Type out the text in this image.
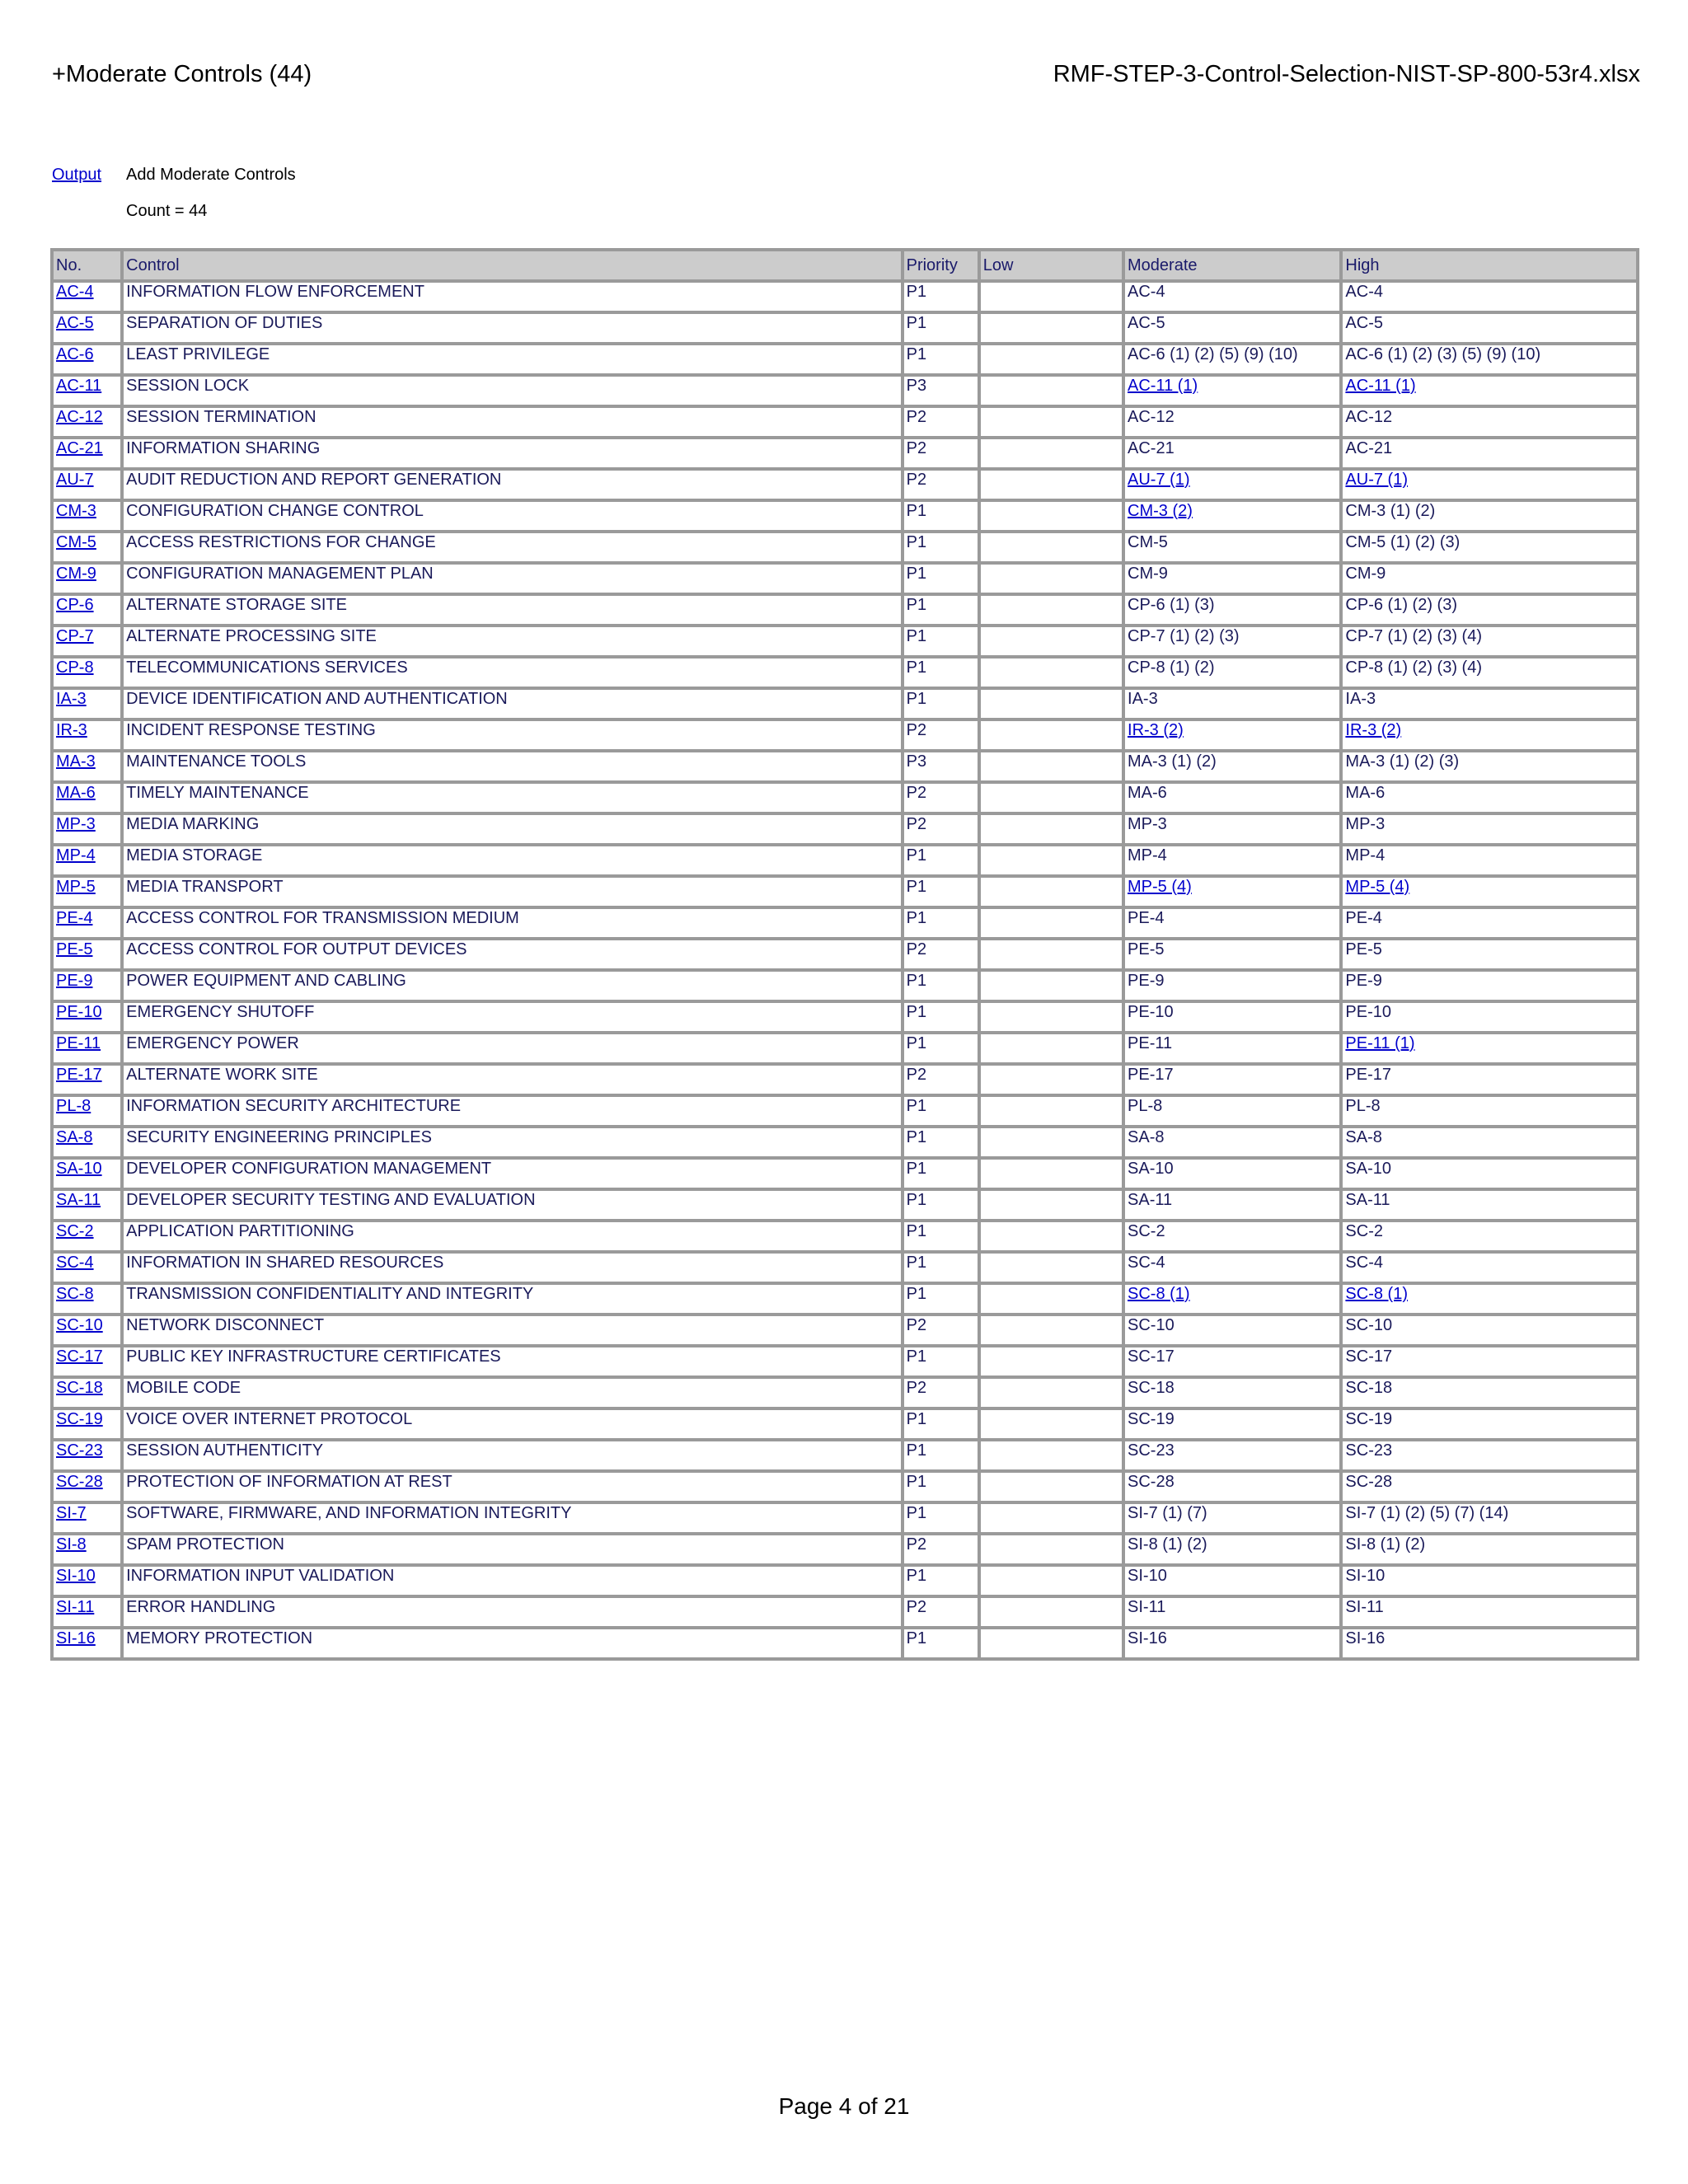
+Moderate Controls (44)	RMF-STEP-3-Control-Selection-NIST-SP-800-53r4.xlsx
Output	Add Moderate Controls
Count = 44
No.	Control	Priority	Low	Moderate	High
AC-4	INFORMATION FLOW ENFORCEMENT	P1		AC-4	AC-4
AC-5	SEPARATION OF DUTIES	P1		AC-5	AC-5
AC-6	LEAST PRIVILEGE	P1		AC-6 (1) (2) (5) (9) (10)	AC-6 (1) (2) (3) (5) (9) (10)
AC-11	SESSION LOCK	P3		AC-11 (1)	AC-11 (1)
AC-12	SESSION TERMINATION	P2		AC-12	AC-12
AC-21	INFORMATION SHARING	P2		AC-21	AC-21
AU-7	AUDIT REDUCTION AND REPORT GENERATION	P2		AU-7 (1)	AU-7 (1)
CM-3	CONFIGURATION CHANGE CONTROL	P1		CM-3 (2)	CM-3 (1) (2)
CM-5	ACCESS RESTRICTIONS FOR CHANGE	P1		CM-5	CM-5 (1) (2) (3)
CM-9	CONFIGURATION MANAGEMENT PLAN	P1		CM-9	CM-9
CP-6	ALTERNATE STORAGE SITE	P1		CP-6 (1) (3)	CP-6 (1) (2) (3)
CP-7	ALTERNATE PROCESSING SITE	P1		CP-7 (1) (2) (3)	CP-7 (1) (2) (3) (4)
CP-8	TELECOMMUNICATIONS SERVICES	P1		CP-8 (1) (2)	CP-8 (1) (2) (3) (4)
IA-3	DEVICE IDENTIFICATION AND AUTHENTICATION	P1		IA-3	IA-3
IR-3	INCIDENT RESPONSE TESTING	P2		IR-3 (2)	IR-3 (2)
MA-3	MAINTENANCE TOOLS	P3		MA-3 (1) (2)	MA-3 (1) (2) (3)
MA-6	TIMELY MAINTENANCE	P2		MA-6	MA-6
MP-3	MEDIA MARKING	P2		MP-3	MP-3
MP-4	MEDIA STORAGE	P1		MP-4	MP-4
MP-5	MEDIA TRANSPORT	P1		MP-5 (4)	MP-5 (4)
PE-4	ACCESS CONTROL FOR TRANSMISSION MEDIUM	P1		PE-4	PE-4
PE-5	ACCESS CONTROL FOR OUTPUT DEVICES	P2		PE-5	PE-5
PE-9	POWER EQUIPMENT AND CABLING	P1		PE-9	PE-9
PE-10	EMERGENCY SHUTOFF	P1		PE-10	PE-10
PE-11	EMERGENCY POWER	P1		PE-11	PE-11 (1)
PE-17	ALTERNATE WORK SITE	P2		PE-17	PE-17
PL-8	INFORMATION SECURITY ARCHITECTURE	P1		PL-8	PL-8
SA-8	SECURITY ENGINEERING PRINCIPLES	P1		SA-8	SA-8
SA-10	DEVELOPER CONFIGURATION MANAGEMENT	P1		SA-10	SA-10
SA-11	DEVELOPER SECURITY TESTING AND EVALUATION	P1		SA-11	SA-11
SC-2	APPLICATION PARTITIONING	P1		SC-2	SC-2
SC-4	INFORMATION IN SHARED RESOURCES	P1		SC-4	SC-4
SC-8	TRANSMISSION CONFIDENTIALITY AND INTEGRITY	P1		SC-8 (1)	SC-8 (1)
SC-10	NETWORK DISCONNECT	P2		SC-10	SC-10
SC-17	PUBLIC KEY INFRASTRUCTURE CERTIFICATES	P1		SC-17	SC-17
SC-18	MOBILE CODE	P2		SC-18	SC-18
SC-19	VOICE OVER INTERNET PROTOCOL	P1		SC-19	SC-19
SC-23	SESSION AUTHENTICITY	P1		SC-23	SC-23
SC-28	PROTECTION OF INFORMATION AT REST	P1		SC-28	SC-28
SI-7	SOFTWARE, FIRMWARE, AND INFORMATION INTEGRITY	P1		SI-7 (1) (7)	SI-7 (1) (2) (5) (7) (14)
SI-8	SPAM PROTECTION	P2		SI-8 (1) (2)	SI-8 (1) (2)
SI-10	INFORMATION INPUT VALIDATION	P1		SI-10	SI-10
SI-11	ERROR HANDLING	P2		SI-11	SI-11
SI-16	MEMORY PROTECTION	P1		SI-16	SI-16
Page 4 of 21
